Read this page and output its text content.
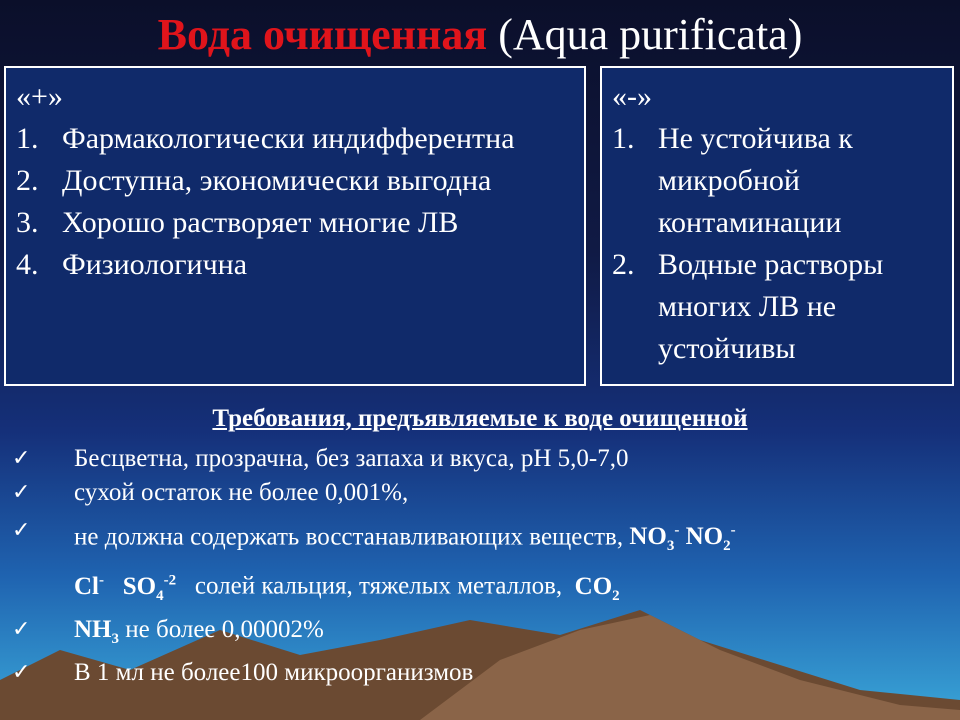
Вода очищенная (Aqua purificata)
«+»
1. Фармакологически индифферентна
2. Доступна, экономически выгодна
3. Хорошо растворяет многие ЛВ
4. Физиологична
«-»
1. Не устойчива к микробной контаминации
2. Водные растворы многих ЛВ не устойчивы
Требования, предъявляемые к воде очищенной
✓	Бесцветна, прозрачна, без запаха и вкуса, рН 5,0-7,0
✓	сухой остаток не более 0,001%,
✓	не должна содержать восстанавливающих веществ, $NO_3^-$ $NO_2^-$
Cl- $SO_4^{-2}$ солей кальция, тяжелых металлов, $CO_2$
✓	$NH_3$ не более 0,00002%
✓	В 1 мл не более100 микроорганизмов
